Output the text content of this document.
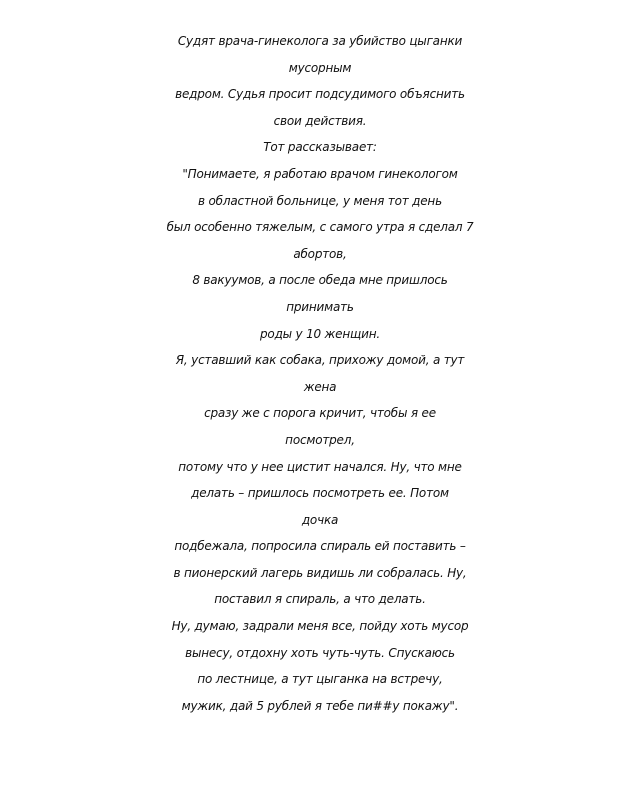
Судят врача-гинеколога за убийство цыганки
мусорным
ведром. Судья просит подсудимого объяснить
свои действия.
Тот рассказывает:
"Понимаете, я работаю врачом гинекологом
в областной больнице, у меня тот день
был особенно тяжелым, с самого утра я сделал 7
абортов,
8 вакуумов, а после обеда мне пришлось
принимать
роды у 10 женщин.
Я, уставший как собака, прихожу домой, а тут
жена
сразу же с порога кричит, чтобы я ее
посмотрел,
потому что у нее цистит начался. Ну, что мне
делать – пришлось посмотреть ее. Потом
дочка
подбежала, попросила спираль ей поставить –
в пионерский лагерь видишь ли собралась. Ну,
поставил я спираль, а что делать.
Ну, думаю, задрали меня все, пойду хоть мусор
вынесу, отдохну хоть чуть-чуть. Спускаюсь
по лестнице, а тут цыганка на встречу,
мужик, дай 5 рублей я тебе пи##у покажу".
